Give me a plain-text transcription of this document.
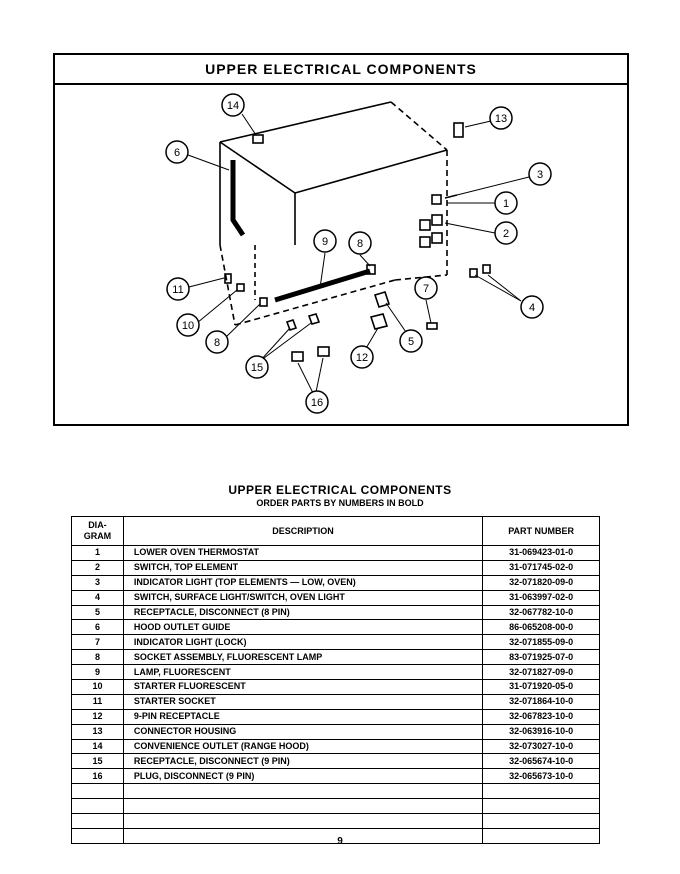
UPPER ELECTRICAL COMPONENTS
14
13
6
3
1
2
9	8
11	7
4
10
8	5
12
15
16
UPPER ELECTRICAL COMPONENTS
ORDER PARTS BY NUMBERS IN BOLD
DIA-
GRAM	DESCRIPTION	PART NUMBER
1	LOWER OVEN THERMOSTAT	31-069423-01-0
2	SWITCH, TOP ELEMENT	31-071745-02-0
3	INDICATOR LIGHT (TOP ELEMENTS — LOW, OVEN)	32-071820-09-0
4	SWITCH, SURFACE LIGHT/SWITCH, OVEN LIGHT	31-063997-02-0
5	RECEPTACLE, DISCONNECT (8 PIN)	32-067782-10-0
6	HOOD OUTLET GUIDE	86-065208-00-0
7	INDICATOR LIGHT (LOCK)	32-071855-09-0
8	SOCKET ASSEMBLY, FLUORESCENT LAMP	83-071925-07-0
9	LAMP, FLUORESCENT	32-071827-09-0
10	STARTER FLUORESCENT	31-071920-05-0
11	STARTER SOCKET	32-071864-10-0
12	9-PIN RECEPTACLE	32-067823-10-0
13	CONNECTOR HOUSING	32-063916-10-0
14	CONVENIENCE OUTLET (RANGE HOOD)	32-073027-10-0
15	RECEPTACLE, DISCONNECT (9 PIN)	32-065674-10-0
16	PLUG, DISCONNECT (9 PIN)	32-065673-10-0

9
